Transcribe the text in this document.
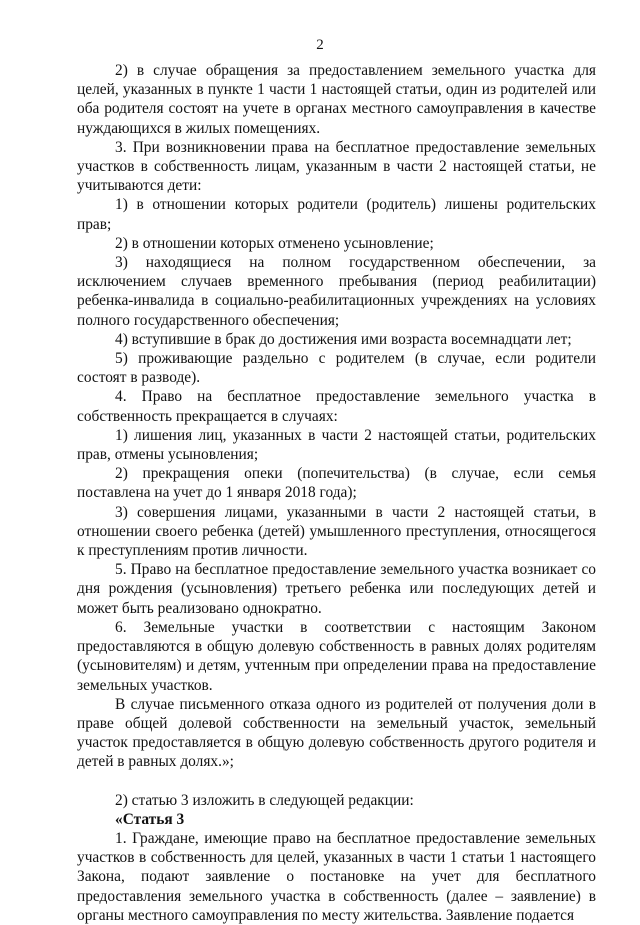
2

2) в случае обращения за предоставлением земельного участка для целей, указанных в пункте 1 части 1 настоящей статьи, один из родителей или оба родителя состоят на учете в органах местного самоуправления в качестве нуждающихся в жилых помещениях.

3. При возникновении права на бесплатное предоставление земельных участков в собственность лицам, указанным в части 2 настоящей статьи, не учитываются дети:

1) в отношении которых родители (родитель) лишены родительских прав;

2) в отношении которых отменено усыновление;

3) находящиеся на полном государственном обеспечении, за исключением случаев временного пребывания (период реабилитации) ребенка-инвалида в социально-реабилитационных учреждениях на условиях полного государственного обеспечения;

4) вступившие в брак до достижения ими возраста восемнадцати лет;

5) проживающие раздельно с родителем (в случае, если родители состоят в разводе).

4. Право на бесплатное предоставление земельного участка в собственность прекращается в случаях:

1) лишения лиц, указанных в части 2 настоящей статьи, родительских прав, отмены усыновления;

2) прекращения опеки (попечительства) (в случае, если семья поставлена на учет до 1 января 2018 года);

3) совершения лицами, указанными в части 2 настоящей статьи, в отношении своего ребенка (детей) умышленного преступления, относящегося к преступлениям против личности.

5. Право на бесплатное предоставление земельного участка возникает со дня рождения (усыновления) третьего ребенка или последующих детей и может быть реализовано однократно.

6. Земельные участки в соответствии с настоящим Законом предоставляются в общую долевую собственность в равных долях родителям (усыновителям) и детям, учтенным при определении права на предоставление земельных участков.

В случае письменного отказа одного из родителей от получения доли в праве общей долевой собственности на земельный участок, земельный участок предоставляется в общую долевую собственность другого родителя и детей в равных долях.»;

2) статью 3 изложить в следующей редакции:

«Статья 3

1. Граждане, имеющие право на бесплатное предоставление земельных участков в собственность для целей, указанных в части 1 статьи 1 настоящего Закона, подают заявление о постановке на учет для бесплатного предоставления земельного участка в собственность (далее – заявление) в органы местного самоуправления по месту жительства. Заявление подается
